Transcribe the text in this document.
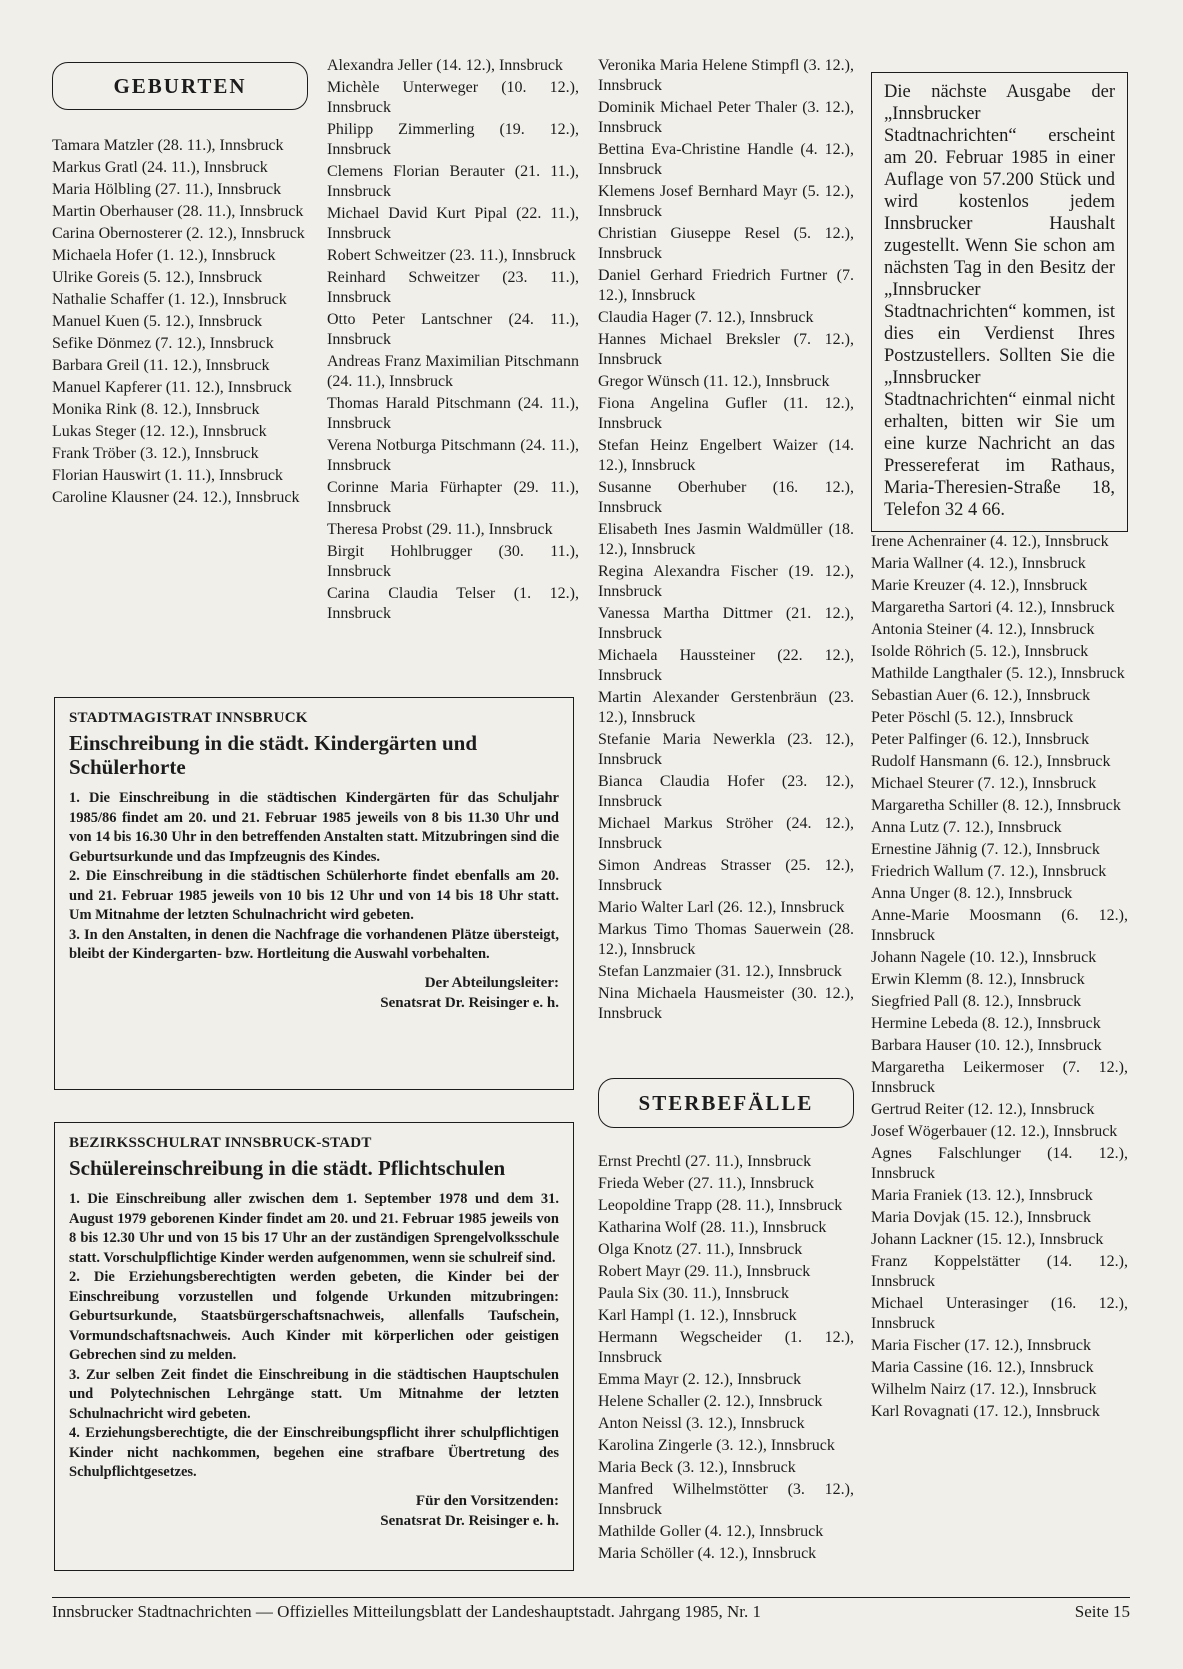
GEBURTEN
Tamara Matzler (28. 11.), Innsbruck
Markus Gratl (24. 11.), Innsbruck
Maria Hölbling (27. 11.), Innsbruck
Martin Oberhauser (28. 11.), Innsbruck
Carina Obernosterer (2. 12.), Innsbruck
Michaela Hofer (1. 12.), Innsbruck
Ulrike Goreis (5. 12.), Innsbruck
Nathalie Schaffer (1. 12.), Innsbruck
Manuel Kuen (5. 12.), Innsbruck
Sefike Dönmez (7. 12.), Innsbruck
Barbara Greil (11. 12.), Innsbruck
Manuel Kapferer (11. 12.), Innsbruck
Monika Rink (8. 12.), Innsbruck
Lukas Steger (12. 12.), Innsbruck
Frank Tröber (3. 12.), Innsbruck
Florian Hauswirt (1. 11.), Innsbruck
Caroline Klausner (24. 12.), Innsbruck
Alexandra Jeller (14. 12.), Innsbruck
Michèle Unterweger (10. 12.), Innsbruck
Philipp Zimmerling (19. 12.), Innsbruck
Clemens Florian Berauter (21. 11.), Innsbruck
Michael David Kurt Pipal (22. 11.), Innsbruck
Robert Schweitzer (23. 11.), Innsbruck
Reinhard Schweitzer (23. 11.), Innsbruck
Otto Peter Lantschner (24. 11.), Innsbruck
Andreas Franz Maximilian Pitschmann (24. 11.), Innsbruck
Thomas Harald Pitschmann (24. 11.), Innsbruck
Verena Notburga Pitschmann (24. 11.), Innsbruck
Corinne Maria Fürhapter (29. 11.), Innsbruck
Theresa Probst (29. 11.), Innsbruck
Birgit Hohlbrugger (30. 11.), Innsbruck
Carina Claudia Telser (1. 12.), Innsbruck
Veronika Maria Helene Stimpfl (3. 12.), Innsbruck
Dominik Michael Peter Thaler (3. 12.), Innsbruck
Bettina Eva-Christine Handle (4. 12.), Innsbruck
Klemens Josef Bernhard Mayr (5. 12.), Innsbruck
Christian Giuseppe Resel (5. 12.), Innsbruck
Daniel Gerhard Friedrich Furtner (7. 12.), Innsbruck
Claudia Hager (7. 12.), Innsbruck
Hannes Michael Breksler (7. 12.), Innsbruck
Gregor Wünsch (11. 12.), Innsbruck
Fiona Angelina Gufler (11. 12.), Innsbruck
Stefan Heinz Engelbert Waizer (14. 12.), Innsbruck
Susanne Oberhuber (16. 12.), Innsbruck
Elisabeth Ines Jasmin Waldmüller (18. 12.), Innsbruck
Regina Alexandra Fischer (19. 12.), Innsbruck
Vanessa Martha Dittmer (21. 12.), Innsbruck
Michaela Haussteiner (22. 12.), Innsbruck
Martin Alexander Gerstenbräun (23. 12.), Innsbruck
Stefanie Maria Newerkla (23. 12.), Innsbruck
Bianca Claudia Hofer (23. 12.), Innsbruck
Michael Markus Ströher (24. 12.), Innsbruck
Simon Andreas Strasser (25. 12.), Innsbruck
Mario Walter Larl (26. 12.), Innsbruck
Markus Timo Thomas Sauerwein (28. 12.), Innsbruck
Stefan Lanzmaier (31. 12.), Innsbruck
Nina Michaela Hausmeister (30. 12.), Innsbruck
STERBEFÄLLE
Ernst Prechtl (27. 11.), Innsbruck
Frieda Weber (27. 11.), Innsbruck
Leopoldine Trapp (28. 11.), Innsbruck
Katharina Wolf (28. 11.), Innsbruck
Olga Knotz (27. 11.), Innsbruck
Robert Mayr (29. 11.), Innsbruck
Paula Six (30. 11.), Innsbruck
Karl Hampl (1. 12.), Innsbruck
Hermann Wegscheider (1. 12.), Innsbruck
Emma Mayr (2. 12.), Innsbruck
Helene Schaller (2. 12.), Innsbruck
Anton Neissl (3. 12.), Innsbruck
Karolina Zingerle (3. 12.), Innsbruck
Maria Beck (3. 12.), Innsbruck
Manfred Wilhelmstötter (3. 12.), Innsbruck
Mathilde Goller (4. 12.), Innsbruck
Maria Schöller (4. 12.), Innsbruck
Die nächste Ausgabe der „Innsbrucker Stadtnachrichten“ erscheint am 20. Februar 1985 in einer Auflage von 57.200 Stück und wird kostenlos jedem Innsbrucker Haushalt zugestellt. Wenn Sie schon am nächsten Tag in den Besitz der „Innsbrucker Stadtnachrichten“ kommen, ist dies ein Verdienst Ihres Postzustellers. Sollten Sie die „Innsbrucker Stadtnachrichten“ einmal nicht erhalten, bitten wir Sie um eine kurze Nachricht an das Pressereferat im Rathaus, Maria-Theresien-Straße 18, Telefon 32 4 66.
Irene Achenrainer (4. 12.), Innsbruck
Maria Wallner (4. 12.), Innsbruck
Marie Kreuzer (4. 12.), Innsbruck
Margaretha Sartori (4. 12.), Innsbruck
Antonia Steiner (4. 12.), Innsbruck
Isolde Röhrich (5. 12.), Innsbruck
Mathilde Langthaler (5. 12.), Innsbruck
Sebastian Auer (6. 12.), Innsbruck
Peter Pöschl (5. 12.), Innsbruck
Peter Palfinger (6. 12.), Innsbruck
Rudolf Hansmann (6. 12.), Innsbruck
Michael Steurer (7. 12.), Innsbruck
Margaretha Schiller (8. 12.), Innsbruck
Anna Lutz (7. 12.), Innsbruck
Ernestine Jähnig (7. 12.), Innsbruck
Friedrich Wallum (7. 12.), Innsbruck
Anna Unger (8. 12.), Innsbruck
Anne-Marie Moosmann (6. 12.), Innsbruck
Johann Nagele (10. 12.), Innsbruck
Erwin Klemm (8. 12.), Innsbruck
Siegfried Pall (8. 12.), Innsbruck
Hermine Lebeda (8. 12.), Innsbruck
Barbara Hauser (10. 12.), Innsbruck
Margaretha Leikermoser (7. 12.), Innsbruck
Gertrud Reiter (12. 12.), Innsbruck
Josef Wögerbauer (12. 12.), Innsbruck
Agnes Falschlunger (14. 12.), Innsbruck
Maria Franiek (13. 12.), Innsbruck
Maria Dovjak (15. 12.), Innsbruck
Johann Lackner (15. 12.), Innsbruck
Franz Koppelstätter (14. 12.), Innsbruck
Michael Unterasinger (16. 12.), Innsbruck
Maria Fischer (17. 12.), Innsbruck
Maria Cassine (16. 12.), Innsbruck
Wilhelm Nairz (17. 12.), Innsbruck
Karl Rovagnati (17. 12.), Innsbruck
STADTMAGISTRAT INNSBRUCK
Einschreibung in die städt. Kindergärten und Schülerhorte

1. Die Einschreibung in die städtischen Kindergärten für das Schuljahr 1985/86 findet am 20. und 21. Februar 1985 jeweils von 8 bis 11.30 Uhr und von 14 bis 16.30 Uhr in den betreffenden Anstalten statt. Mitzubringen sind die Geburtsurkunde und das Impfzeugnis des Kindes.

2. Die Einschreibung in die städtischen Schülerhorte findet ebenfalls am 20. und 21. Februar 1985 jeweils von 10 bis 12 Uhr und von 14 bis 18 Uhr statt. Um Mitnahme der letzten Schulnachricht wird gebeten.

3. In den Anstalten, in denen die Nachfrage die vorhandenen Plätze übersteigt, bleibt der Kindergarten- bzw. Hortleitung die Auswahl vorbehalten.

Der Abteilungsleiter:
Senatsrat Dr. Reisinger e. h.
BEZIRKSSCHULRAT INNSBRUCK-STADT
Schülereinschreibung in die städt. Pflichtschulen

1. Die Einschreibung aller zwischen dem 1. September 1978 und dem 31. August 1979 geborenen Kinder findet am 20. und 21. Februar 1985 jeweils von 8 bis 12.30 Uhr und von 15 bis 17 Uhr an der zuständigen Sprengelvolksschule statt. Vorschulpflichtige Kinder werden aufgenommen, wenn sie schulreif sind.

2. Die Erziehungsberechtigten werden gebeten, die Kinder bei der Einschreibung vorzustellen und folgende Urkunden mitzubringen: Geburtsurkunde, Staatsbürgerschaftsnachweis, allenfalls Taufschein, Vormundschaftsnachweis. Auch Kinder mit körperlichen oder geistigen Gebrechen sind zu melden.

3. Zur selben Zeit findet die Einschreibung in die städtischen Hauptschulen und Polytechnischen Lehrgänge statt. Um Mitnahme der letzten Schulnachricht wird gebeten.

4. Erziehungsberechtigte, die der Einschreibungspflicht ihrer schulpflichtigen Kinder nicht nachkommen, begehen eine strafbare Übertretung des Schulpflichtgesetzes.

Für den Vorsitzenden:
Senatsrat Dr. Reisinger e. h.
Innsbrucker Stadtnachrichten — Offizielles Mitteilungsblatt der Landeshauptstadt. Jahrgang 1985, Nr. 1	Seite 15
